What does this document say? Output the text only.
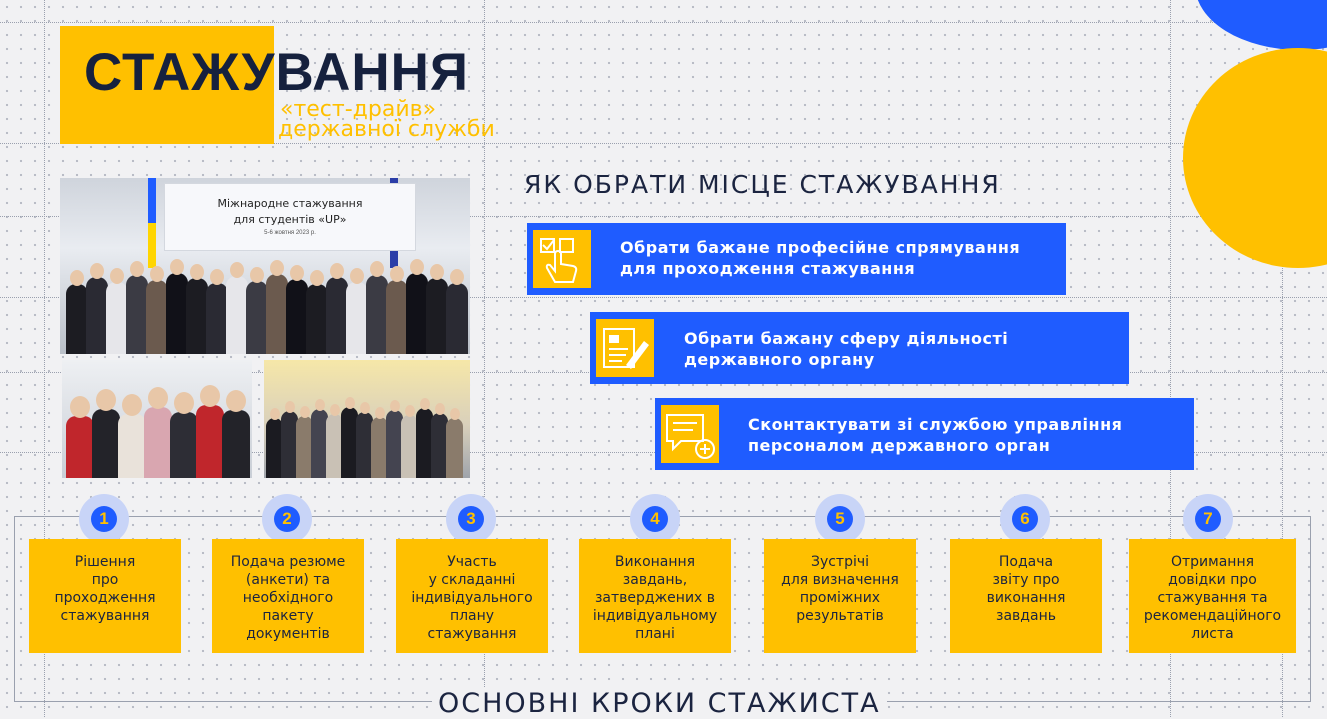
СТАЖУВАННЯ
«тест-драйв»
державної служби
Міжнародне стажування
для студентів «UP»
5-6 жовтня 2023 р.
ЯК ОБРАТИ МІСЦЕ СТАЖУВАННЯ
Обрати бажане професійне спрямування
для проходження стажування
Обрати бажану сферу діяльності
державного органу
Сконтактувати зі службою управління
персоналом державного орган
1
Рішення
про
проходження
стажування
2
Подача резюме
(анкети) та
необхідного
пакету
документів
3
Участь
у складанні
індивідуального
плану
стажування
4
Виконання
завдань,
затверджених в
індивідуальному
плані
5
Зустрічі
для визначення
проміжних
результатів
6
Подача
звіту про
виконання
завдань
7
Отримання
довідки про
стажування та
рекомендаційного
листа
ОСНОВНІ КРОКИ СТАЖИСТА
